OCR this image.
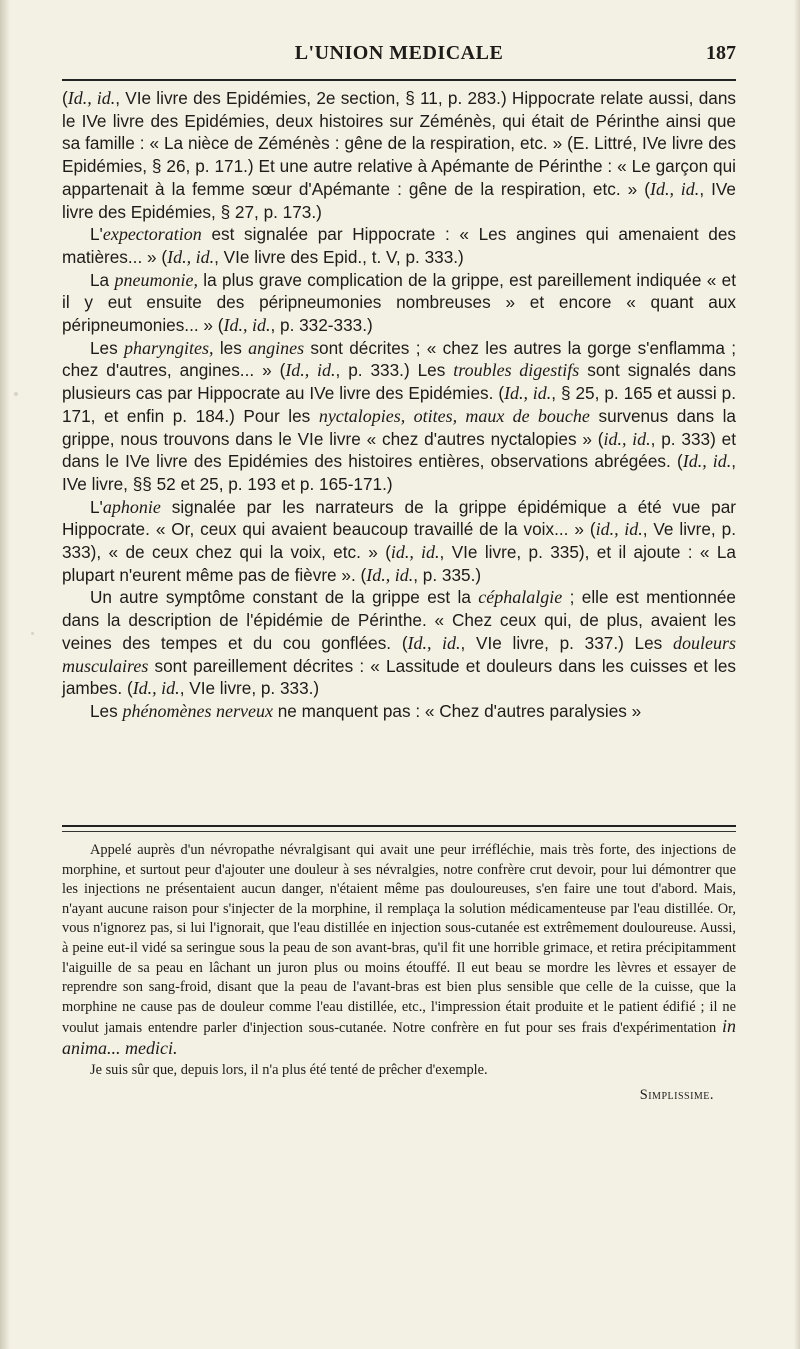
L'UNION MEDICALE	187

(Id., id., VIe livre des Epidémies, 2e section, § 11, p. 283.) Hippocrate relate aussi, dans le IVe livre des Epidémies, deux histoires sur Zéménès, qui était de Périnthe ainsi que sa famille : « La nièce de Zéménès : gêne de la respiration, etc. » (E. Littré, IVe livre des Epidémies, § 26, p. 171.) Et une autre relative à Apémante de Périnthe : « Le garçon qui appartenait à la femme sœur d'Apémante : gêne de la respiration, etc. » (Id., id., IVe livre des Epidémies, § 27, p. 173.)

L'expectoration est signalée par Hippocrate : « Les angines qui amenaient des matières... » (Id., id., VIe livre des Epid., t. V, p. 333.)

La pneumonie, la plus grave complication de la grippe, est pareillement indiquée « et il y eut ensuite des péripneumonies nombreuses » et encore « quant aux péripneumonies... » (Id., id., p. 332-333.)

Les pharyngites, les angines sont décrites ; « chez les autres la gorge s'enflamma ; chez d'autres, angines... » (Id., id., p. 333.) Les troubles digestifs sont signalés dans plusieurs cas par Hippocrate au IVe livre des Epidémies. (Id., id., § 25, p. 165 et aussi p. 171, et enfin p. 184.) Pour les nyctalopies, otites, maux de bouche survenus dans la grippe, nous trouvons dans le VIe livre « chez d'autres nyctalopies » (id., id., p. 333) et dans le IVe livre des Epidémies des histoires entières, observations abrégées. (Id., id., IVe livre, §§ 52 et 25, p. 193 et p. 165-171.)

L'aphonie signalée par les narrateurs de la grippe épidémique a été vue par Hippocrate. « Or, ceux qui avaient beaucoup travaillé de la voix... » (id., id., Ve livre, p. 333), « de ceux chez qui la voix, etc. » (id., id., VIe livre, p. 335), et il ajoute : « La plupart n'eurent même pas de fièvre ». (Id., id., p. 335.)

Un autre symptôme constant de la grippe est la céphalalgie ; elle est mentionnée dans la description de l'épidémie de Périnthe. « Chez ceux qui, de plus, avaient les veines des tempes et du cou gonflées. (Id., id., VIe livre, p. 337.) Les douleurs musculaires sont pareillement décrites : « Lassitude et douleurs dans les cuisses et les jambes. (Id., id., VIe livre, p. 333.)

Les phénomènes nerveux ne manquent pas : « Chez d'autres paralysies »

Appelé auprès d'un névropathe névralgisant qui avait une peur irréfléchie, mais très forte, des injections de morphine, et surtout peur d'ajouter une douleur à ses névralgies, notre confrère crut devoir, pour lui démontrer que les injections ne présentaient aucun danger, n'étaient même pas douloureuses, s'en faire une tout d'abord. Mais, n'ayant aucune raison pour s'injecter de la morphine, il remplaça la solution médicamenteuse par l'eau distillée. Or, vous n'ignorez pas, si lui l'ignorait, que l'eau distillée en injection sous-cutanée est extrêmement douloureuse. Aussi, à peine eut-il vidé sa seringue sous la peau de son avant-bras, qu'il fit une horrible grimace, et retira précipitamment l'aiguille de sa peau en lâchant un juron plus ou moins étouffé. Il eut beau se mordre les lèvres et essayer de reprendre son sang-froid, disant que la peau de l'avant-bras est bien plus sensible que celle de la cuisse, que la morphine ne cause pas de douleur comme l'eau distillée, etc., l'impression était produite et le patient édifié ; il ne voulut jamais entendre parler d'injection sous-cutanée. Notre confrère en fut pour ses frais d'expérimentation in anima... medici.

Je suis sûr que, depuis lors, il n'a plus été tenté de prêcher d'exemple.

Simplissime.
